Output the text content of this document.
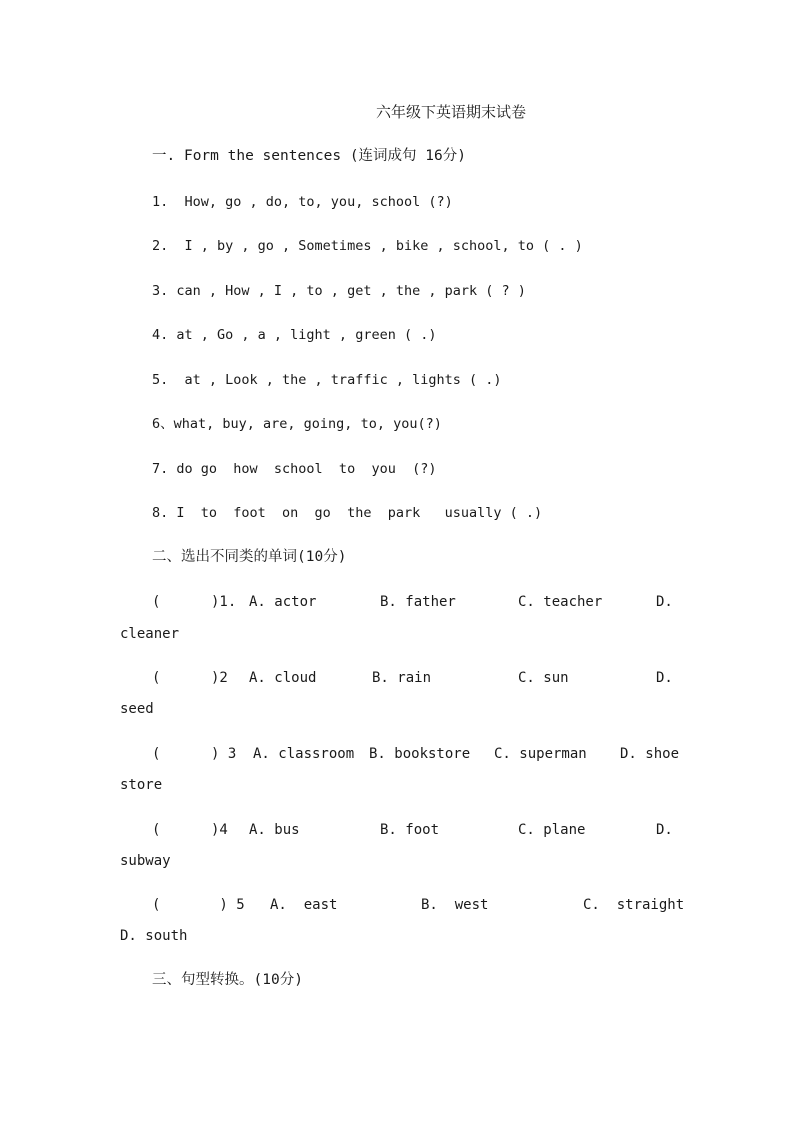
六年级下英语期末试卷
一. Form the sentences (连词成句 16分)
1.  How, go , do, to, you, school (?)
2.  I , by , go , Sometimes , bike , school, to ( . )
3. can , How , I , to , get , the , park ( ? )
4. at , Go , a , light , green ( .)
5.  at , Look , the , traffic , lights ( .)
6、what, buy, are, going, to, you(?)
7. do go  how  school  to  you  (?)
8. I  to  foot  on  go  the  park   usually ( .)
二、选出不同类的单词(10分)
(      )1. A. actor	B. father	C. teacher	D.
cleaner
(      )2 A. cloud	B. rain	C. sun	D.
seed
(      ) 3 A. classroom B. bookstore C. superman D. shoe
store
(      )4 A. bus	B. foot	C. plane	D.
subway
(       ) 5 A.  east	B.  west	C.  straight
D. south
三、句型转换。(10分)
